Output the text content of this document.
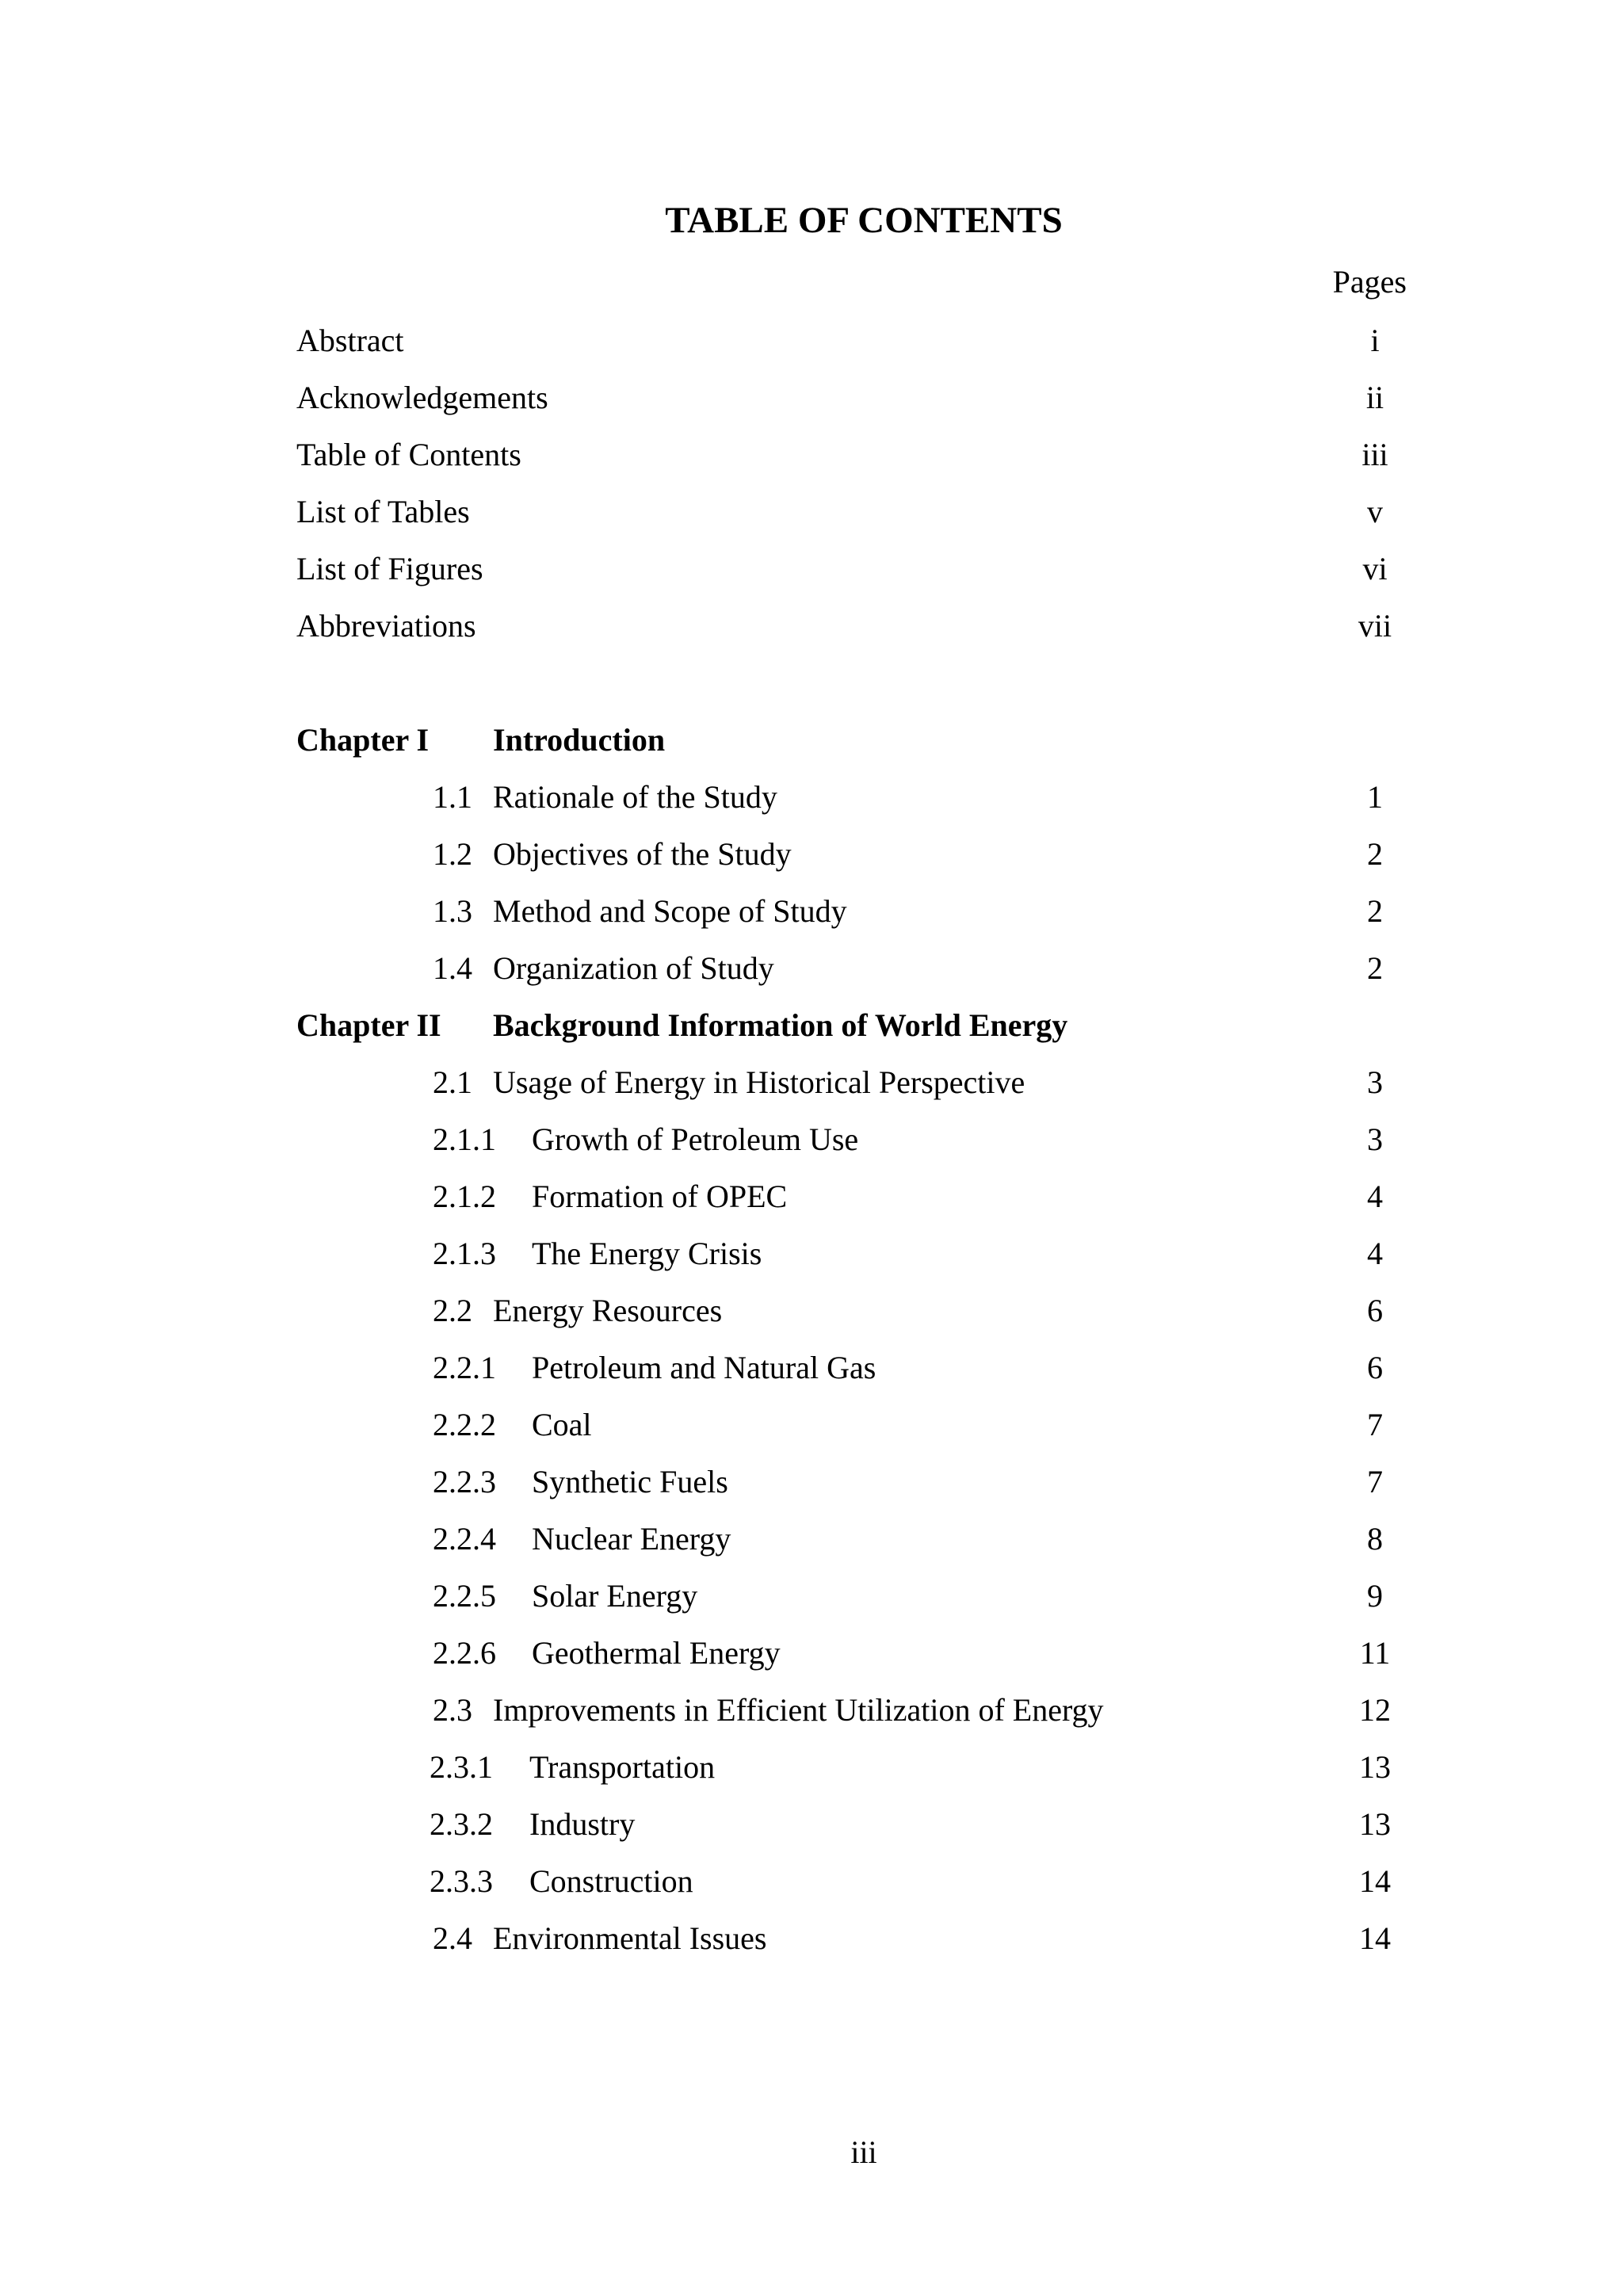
TABLE OF CONTENTS
Pages
Abstract	i
Acknowledgements	ii
Table of Contents	iii
List of Tables	v
List of Figures	vi
Abbreviations	vii
Chapter I Introduction
1.1 Rationale of the Study	1
1.2 Objectives of the Study	2
1.3 Method and Scope of Study	2
1.4 Organization of Study	2
Chapter II Background Information of World Energy
2.1 Usage of Energy in Historical Perspective	3
2.1.1 Growth of Petroleum Use	3
2.1.2 Formation of OPEC	4
2.1.3 The Energy Crisis	4
2.2 Energy Resources	6
2.2.1 Petroleum and Natural Gas	6
2.2.2 Coal	7
2.2.3 Synthetic Fuels	7
2.2.4 Nuclear Energy	8
2.2.5 Solar Energy	9
2.2.6 Geothermal Energy	11
2.3 Improvements in Efficient Utilization of Energy	12
2.3.1 Transportation	13
2.3.2 Industry	13
2.3.3 Construction	14
2.4 Environmental Issues	14
iii
